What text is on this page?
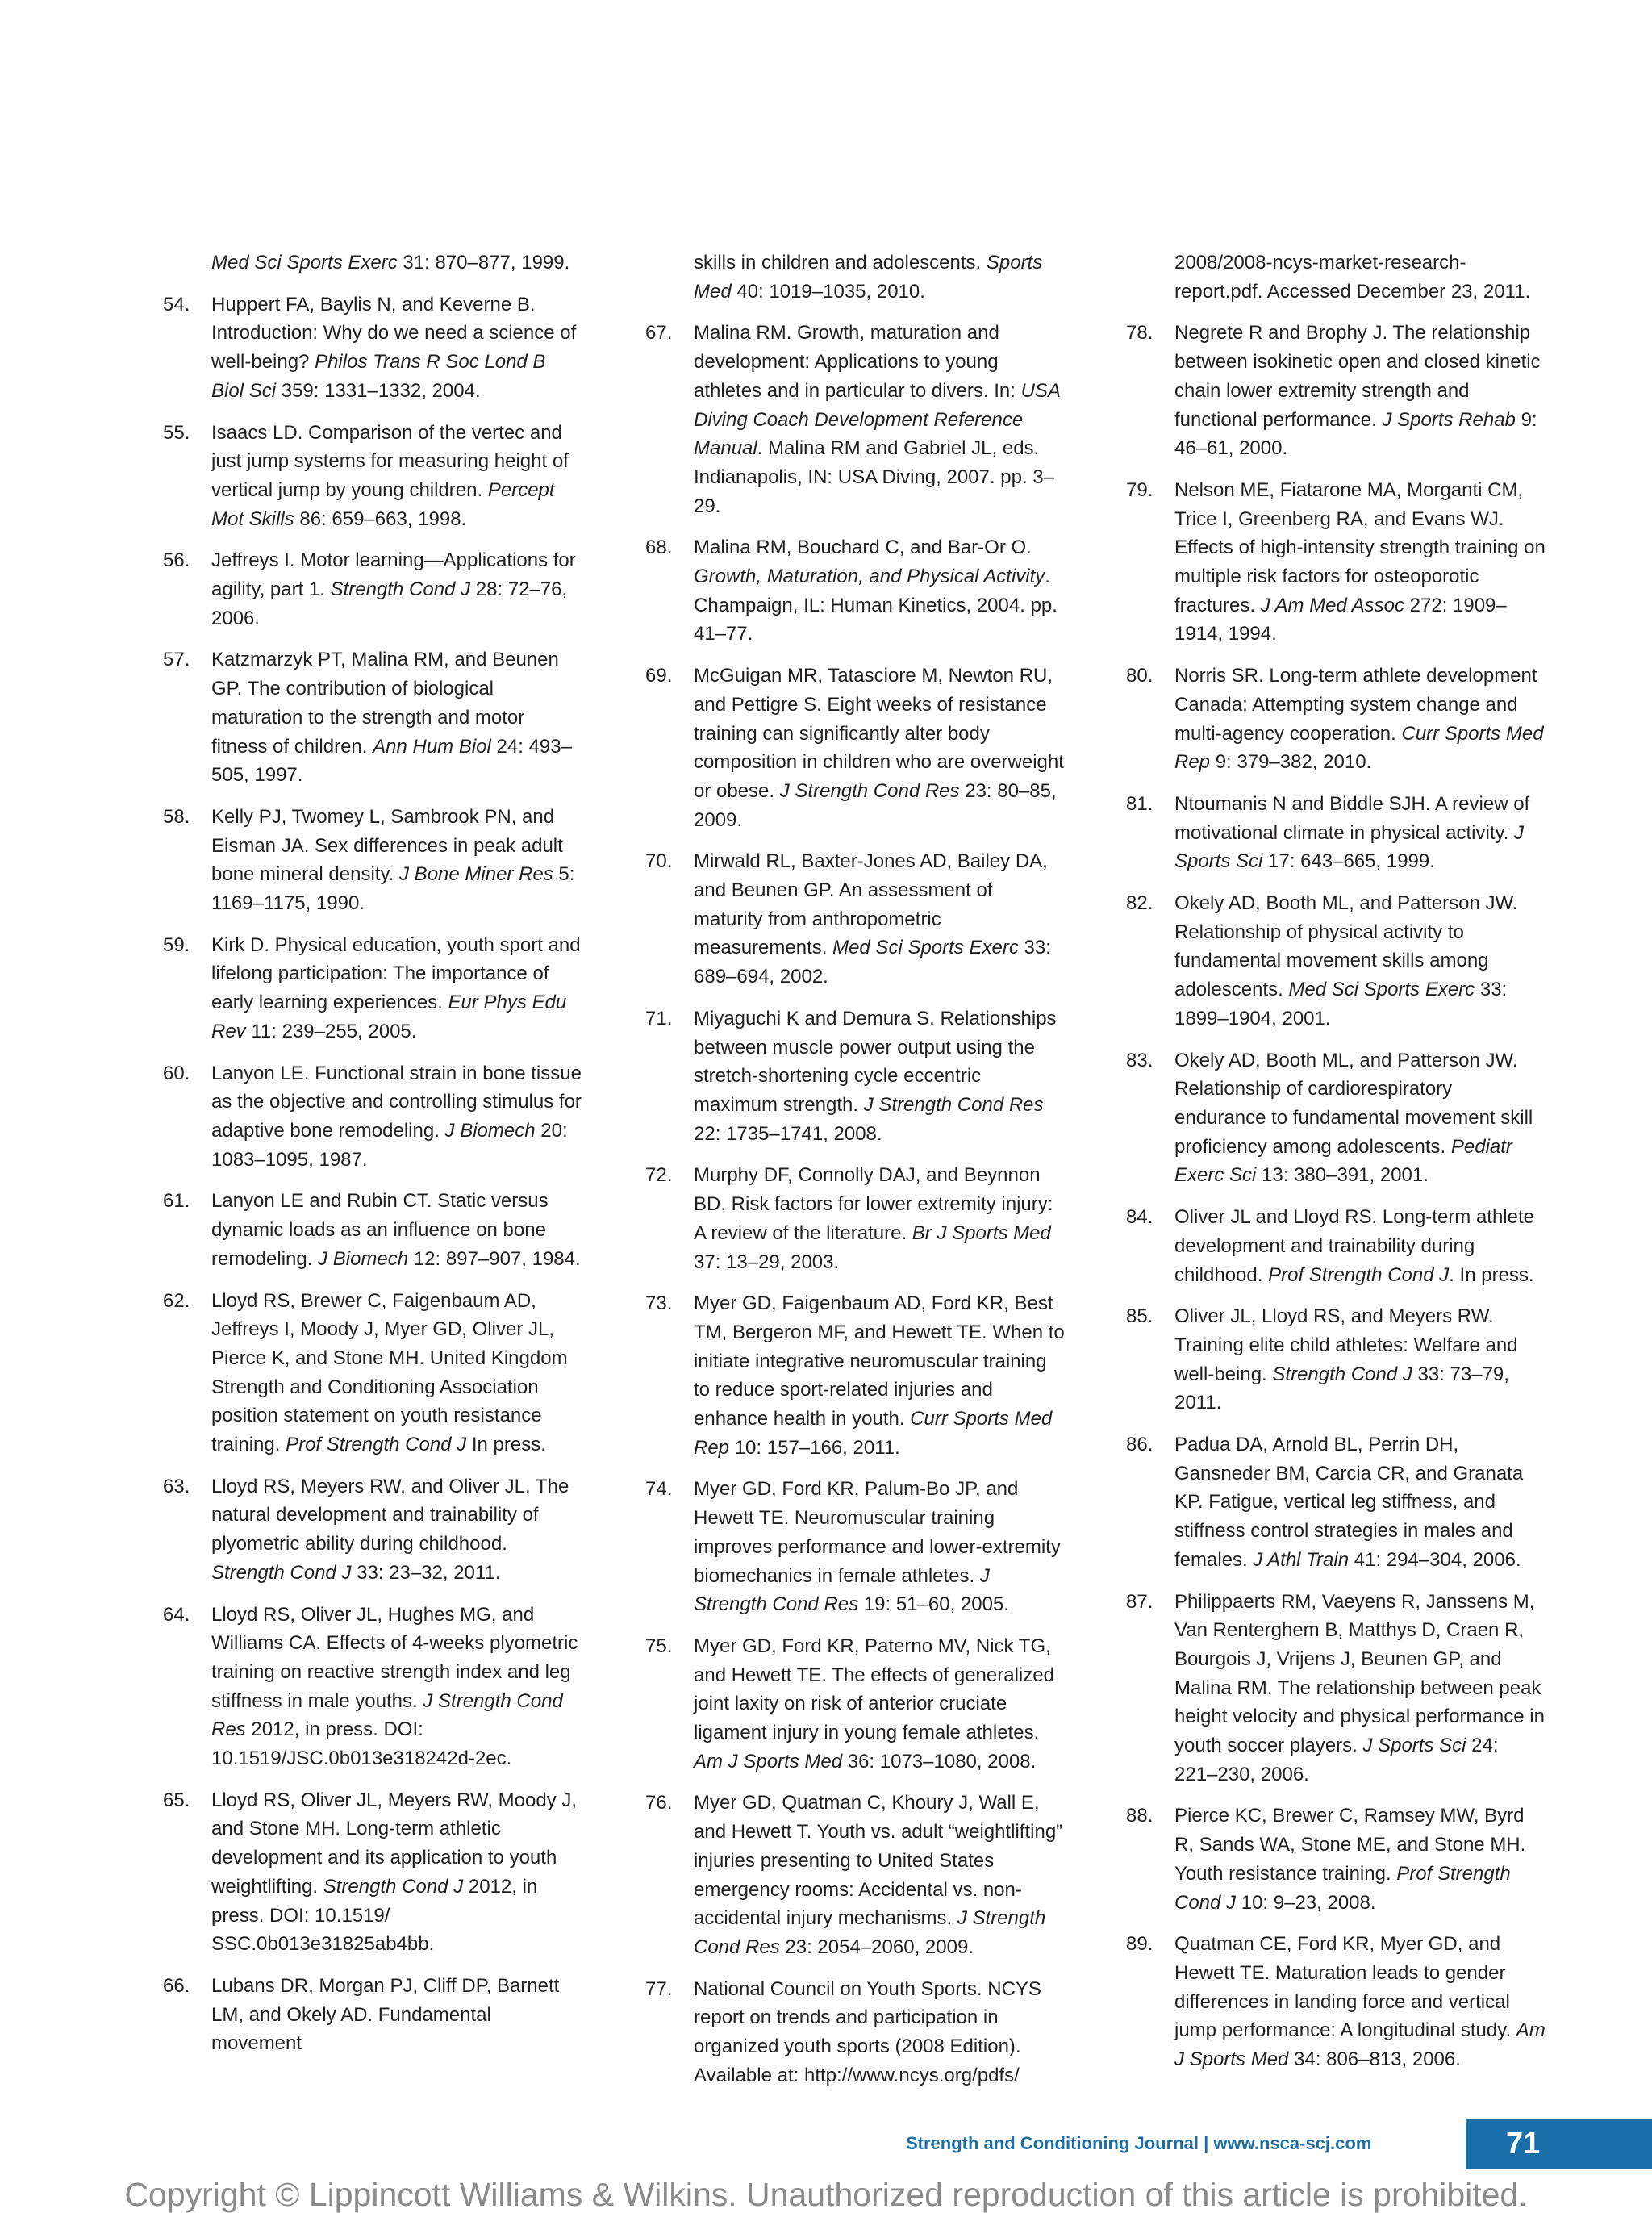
Med Sci Sports Exerc 31: 870–877, 1999.
54. Huppert FA, Baylis N, and Keverne B. Introduction: Why do we need a science of well-being? Philos Trans R Soc Lond B Biol Sci 359: 1331–1332, 2004.
55. Isaacs LD. Comparison of the vertec and just jump systems for measuring height of vertical jump by young children. Percept Mot Skills 86: 659–663, 1998.
56. Jeffreys I. Motor learning—Applications for agility, part 1. Strength Cond J 28: 72–76, 2006.
57. Katzmarzyk PT, Malina RM, and Beunen GP. The contribution of biological maturation to the strength and motor fitness of children. Ann Hum Biol 24: 493–505, 1997.
58. Kelly PJ, Twomey L, Sambrook PN, and Eisman JA. Sex differences in peak adult bone mineral density. J Bone Miner Res 5: 1169–1175, 1990.
59. Kirk D. Physical education, youth sport and lifelong participation: The importance of early learning experiences. Eur Phys Edu Rev 11: 239–255, 2005.
60. Lanyon LE. Functional strain in bone tissue as the objective and controlling stimulus for adaptive bone remodeling. J Biomech 20: 1083–1095, 1987.
61. Lanyon LE and Rubin CT. Static versus dynamic loads as an influence on bone remodeling. J Biomech 12: 897–907, 1984.
62. Lloyd RS, Brewer C, Faigenbaum AD, Jeffreys I, Moody J, Myer GD, Oliver JL, Pierce K, and Stone MH. United Kingdom Strength and Conditioning Association position statement on youth resistance training. Prof Strength Cond J In press.
63. Lloyd RS, Meyers RW, and Oliver JL. The natural development and trainability of plyometric ability during childhood. Strength Cond J 33: 23–32, 2011.
64. Lloyd RS, Oliver JL, Hughes MG, and Williams CA. Effects of 4-weeks plyometric training on reactive strength index and leg stiffness in male youths. J Strength Cond Res 2012, in press. DOI: 10.1519/JSC.0b013e318242d-2ec.
65. Lloyd RS, Oliver JL, Meyers RW, Moody J, and Stone MH. Long-term athletic development and its application to youth weightlifting. Strength Cond J 2012, in press. DOI: 10.1519/ SSC.0b013e31825ab4bb.
66. Lubans DR, Morgan PJ, Cliff DP, Barnett LM, and Okely AD. Fundamental movement
skills in children and adolescents. Sports Med 40: 1019–1035, 2010.
67. Malina RM. Growth, maturation and development: Applications to young athletes and in particular to divers. In: USA Diving Coach Development Reference Manual. Malina RM and Gabriel JL, eds. Indianapolis, IN: USA Diving, 2007. pp. 3–29.
68. Malina RM, Bouchard C, and Bar-Or O. Growth, Maturation, and Physical Activity. Champaign, IL: Human Kinetics, 2004. pp. 41–77.
69. McGuigan MR, Tatasciore M, Newton RU, and Pettigre S. Eight weeks of resistance training can significantly alter body composition in children who are overweight or obese. J Strength Cond Res 23: 80–85, 2009.
70. Mirwald RL, Baxter-Jones AD, Bailey DA, and Beunen GP. An assessment of maturity from anthropometric measurements. Med Sci Sports Exerc 33: 689–694, 2002.
71. Miyaguchi K and Demura S. Relationships between muscle power output using the stretch-shortening cycle eccentric maximum strength. J Strength Cond Res 22: 1735–1741, 2008.
72. Murphy DF, Connolly DAJ, and Beynnon BD. Risk factors for lower extremity injury: A review of the literature. Br J Sports Med 37: 13–29, 2003.
73. Myer GD, Faigenbaum AD, Ford KR, Best TM, Bergeron MF, and Hewett TE. When to initiate integrative neuromuscular training to reduce sport-related injuries and enhance health in youth. Curr Sports Med Rep 10: 157–166, 2011.
74. Myer GD, Ford KR, Palum-Bo JP, and Hewett TE. Neuromuscular training improves performance and lower-extremity biomechanics in female athletes. J Strength Cond Res 19: 51–60, 2005.
75. Myer GD, Ford KR, Paterno MV, Nick TG, and Hewett TE. The effects of generalized joint laxity on risk of anterior cruciate ligament injury in young female athletes. Am J Sports Med 36: 1073–1080, 2008.
76. Myer GD, Quatman C, Khoury J, Wall E, and Hewett T. Youth vs. adult “weightlifting” injuries presenting to United States emergency rooms: Accidental vs. non-accidental injury mechanisms. J Strength Cond Res 23: 2054–2060, 2009.
77. National Council on Youth Sports. NCYS report on trends and participation in organized youth sports (2008 Edition). Available at: http://www.ncys.org/pdfs/
2008/2008-ncys-market-research-report.pdf. Accessed December 23, 2011.
78. Negrete R and Brophy J. The relationship between isokinetic open and closed kinetic chain lower extremity strength and functional performance. J Sports Rehab 9: 46–61, 2000.
79. Nelson ME, Fiatarone MA, Morganti CM, Trice I, Greenberg RA, and Evans WJ. Effects of high-intensity strength training on multiple risk factors for osteoporotic fractures. J Am Med Assoc 272: 1909–1914, 1994.
80. Norris SR. Long-term athlete development Canada: Attempting system change and multi-agency cooperation. Curr Sports Med Rep 9: 379–382, 2010.
81. Ntoumanis N and Biddle SJH. A review of motivational climate in physical activity. J Sports Sci 17: 643–665, 1999.
82. Okely AD, Booth ML, and Patterson JW. Relationship of physical activity to fundamental movement skills among adolescents. Med Sci Sports Exerc 33: 1899–1904, 2001.
83. Okely AD, Booth ML, and Patterson JW. Relationship of cardiorespiratory endurance to fundamental movement skill proficiency among adolescents. Pediatr Exerc Sci 13: 380–391, 2001.
84. Oliver JL and Lloyd RS. Long-term athlete development and trainability during childhood. Prof Strength Cond J. In press.
85. Oliver JL, Lloyd RS, and Meyers RW. Training elite child athletes: Welfare and well-being. Strength Cond J 33: 73–79, 2011.
86. Padua DA, Arnold BL, Perrin DH, Gansneder BM, Carcia CR, and Granata KP. Fatigue, vertical leg stiffness, and stiffness control strategies in males and females. J Athl Train 41: 294–304, 2006.
87. Philippaerts RM, Vaeyens R, Janssens M, Van Renterghem B, Matthys D, Craen R, Bourgois J, Vrijens J, Beunen GP, and Malina RM. The relationship between peak height velocity and physical performance in youth soccer players. J Sports Sci 24: 221–230, 2006.
88. Pierce KC, Brewer C, Ramsey MW, Byrd R, Sands WA, Stone ME, and Stone MH. Youth resistance training. Prof Strength Cond J 10: 9–23, 2008.
89. Quatman CE, Ford KR, Myer GD, and Hewett TE. Maturation leads to gender differences in landing force and vertical jump performance: A longitudinal study. Am J Sports Med 34: 806–813, 2006.
Strength and Conditioning Journal | www.nsca-scj.com	71
Copyright © Lippincott Williams & Wilkins. Unauthorized reproduction of this article is prohibited.
